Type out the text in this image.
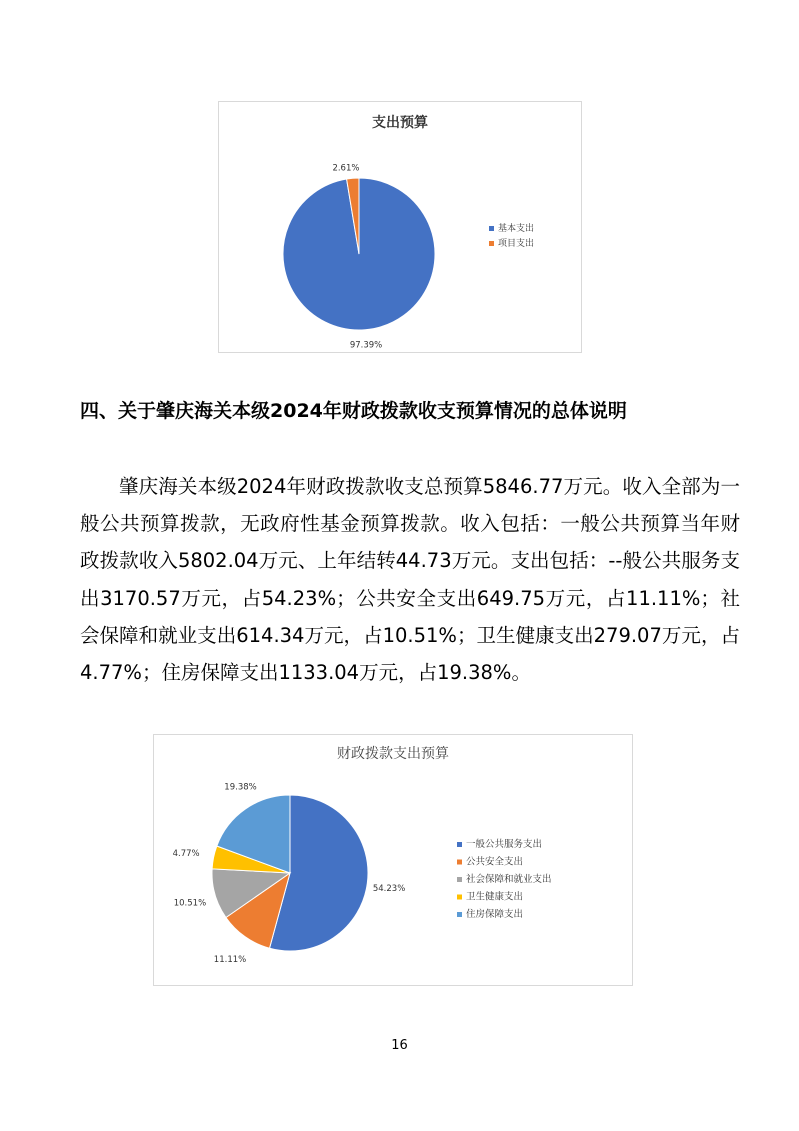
支出预算
97.39%
2.61%
基本支出
项目支出
四、关于肇庆海关本级2024年财政拨款收支预算情况的总体说明
肇庆海关本级2024年财政拨款收支总预算5846.77万元。收入全部为一般公共预算拨款，无政府性基金预算拨款。收入包括：一般公共预算当年财政拨款收入5802.04万元、上年结转44.73万元。支出包括：--般公共服务支出3170.57万元，占54.23%；公共安全支出649.75万元，占11.11%；社会保障和就业支出614.34万元，占10.51%；卫生健康支出279.07万元，占4.77%；住房保障支出1133.04万元，占19.38%。
财政拨款支出预算
54.23%
11.11%
10.51%
4.77%
19.38%
一般公共服务支出
公共安全支出
社会保障和就业支出
卫生健康支出
住房保障支出
16
